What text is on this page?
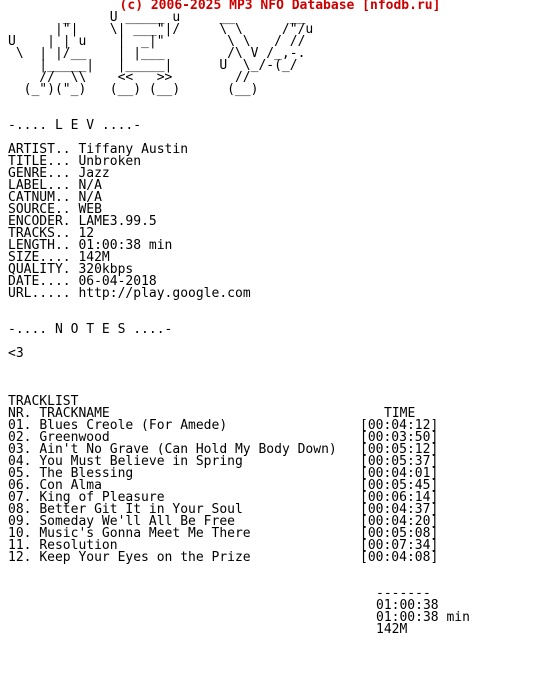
(c) 2006-2025 MP3 NFO Database [nfodb.ru]
_     U _____ u     __       __
|"|    \| ___"|/     \ \     /"/u
U    | | u    |  _|"        \ \   / //
\  | |/__    | |___        /\ V /_,-.
|_____|   |_____|      U  \_/-(_/
//  \\    <<   >>        //
(_")("_)   (__) (__)      (__)
-.... L E V ....-
ARTIST.. Tiffany Austin
TITLE... Unbroken
GENRE... Jazz
LABEL... N/A
CATNUM.. N/A
SOURCE.. WEB
ENCODER. LAME3.99.5
TRACKS.. 12
LENGTH.. 01:00:38 min
SIZE.... 142M
QUALITY. 320kbps
DATE.... 06-04-2018
URL..... http://play.google.com
-.... N O T E S ....-
<3
TRACKLIST
NR. TRACKNAME	TIME
01. Blues Creole (For Amede)	[00:04:12]
02. Greenwood	[00:03:50]
03. Ain't No Grave (Can Hold My Body Down) [00:05:12]
04. You Must Believe in Spring	[00:05:37]
05. The Blessing	[00:04:01]
06. Con Alma	[00:05:45]
07. King of Pleasure	[00:06:14]
08. Better Git It in Your Soul	[00:04:37]
09. Someday We'll All Be Free	[00:04:20]
10. Music's Gonna Meet Me There	[00:05:08]
11. Resolution	[00:07:34]
12. Keep Your Eyes on the Prize	[00:04:08]
-------
01:00:38
01:00:38 min
142M
